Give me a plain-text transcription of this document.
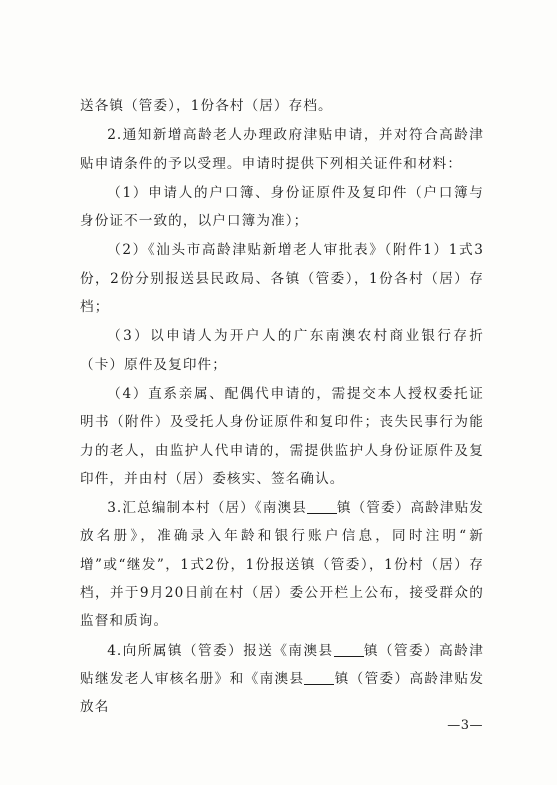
送各镇（管委），1份各村（居）存档。

2.通知新增高龄老人办理政府津贴申请，并对符合高龄津贴申请条件的予以受理。申请时提供下列相关证件和材料：

（1）申请人的户口簿、身份证原件及复印件（户口簿与身份证不一致的，以户口簿为准）；

（2）《汕头市高龄津贴新增老人审批表》（附件1）1式3份，2份分别报送县民政局、各镇（管委），1份各村（居）存档；

（3）以申请人为开户人的广东南澳农村商业银行存折（卡）原件及复印件；

（4）直系亲属、配偶代申请的，需提交本人授权委托证明书（附件）及受托人身份证原件和复印件；丧失民事行为能力的老人，由监护人代申请的，需提供监护人身份证原件及复印件，并由村（居）委核实、签名确认。

3.汇总编制本村（居）《南澳县 镇（管委）高龄津贴发放名册》，准确录入年龄和银行账户信息，同时注明“新增”或“继发”，1式2份，1份报送镇（管委），1份村（居）存档，并于9月20日前在村（居）委公开栏上公布，接受群众的监督和质询。

4.向所属镇（管委）报送《南澳县 镇（管委）高龄津贴继发老人审核名册》和《南澳县 镇（管委）高龄津贴发放名

—3—
